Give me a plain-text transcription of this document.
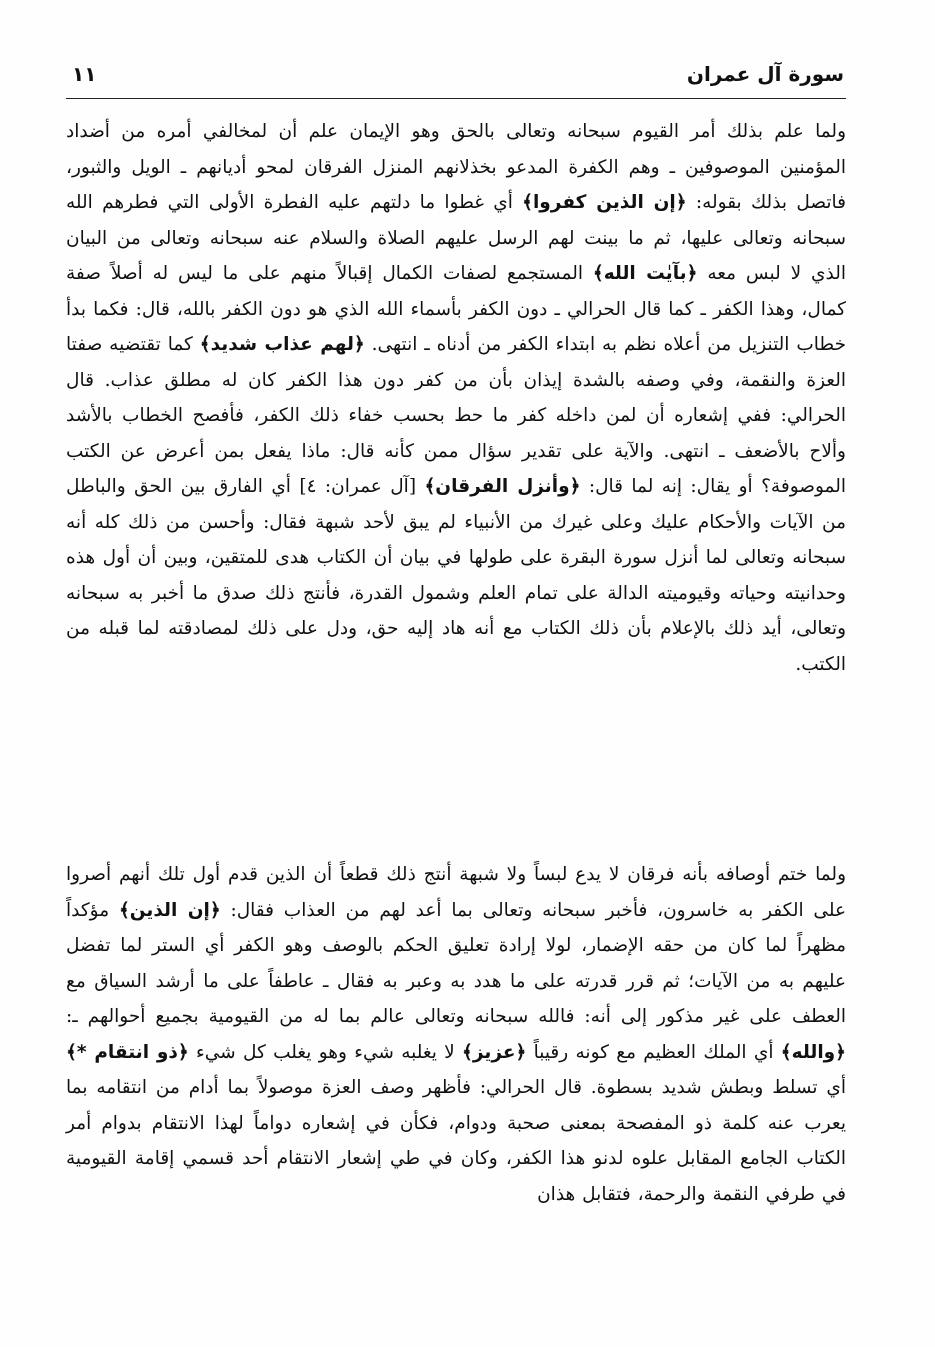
سورة آل عمران
١١

ولما علم بذلك أمر القيوم سبحانه وتعالى بالحق وهو الإيمان علم أن لمخالفي أمره من أضداد المؤمنين الموصوفين ـ وهم الكفرة المدعو بخذلانهم المنزل الفرقان لمحو أديانهم ـ الويل والثبور، فاتصل بذلك بقوله: ﴿إن الذين كفروا﴾ أي غطوا ما دلتهم عليه الفطرة الأولى التي فطرهم الله سبحانه وتعالى عليها، ثم ما بينت لهم الرسل عليهم الصلاة والسلام عنه سبحانه وتعالى من البيان الذي لا لبس معه ﴿بآيٰت الله﴾ المستجمع لصفات الكمال إقبالاً منهم على ما ليس له أصلاً صفة كمال، وهذا الكفر ـ كما قال الحرالي ـ دون الكفر بأسماء الله الذي هو دون الكفر بالله، قال: فكما بدأ خطاب التنزيل من أعلاه نظم به ابتداء الكفر من أدناه ـ انتهى. ﴿لهم عذاب شديد﴾ كما تقتضيه صفتا العزة والنقمة، وفي وصفه بالشدة إيذان بأن من كفر دون هذا الكفر كان له مطلق عذاب. قال الحرالي: ففي إشعاره أن لمن داخله كفر ما حط بحسب خفاء ذلك الكفر، فأفصح الخطاب بالأشد وألاح بالأضعف ـ انتهى. والآية على تقدير سؤال ممن كأنه قال: ماذا يفعل بمن أعرض عن الكتب الموصوفة؟ أو يقال: إنه لما قال: ﴿وأنزل الفرقان﴾ [آل عمران: ٤] أي الفارق بين الحق والباطل من الآيات والأحكام عليك وعلى غيرك من الأنبياء لم يبق لأحد شبهة فقال: وأحسن من ذلك كله أنه سبحانه وتعالى لما أنزل سورة البقرة على طولها في بيان أن الكتاب هدى للمتقين، وبين أن أول هذه وحدانيته وحياته وقيوميته الدالة على تمام العلم وشمول القدرة، فأنتج ذلك صدق ما أخبر به سبحانه وتعالى، أيد ذلك بالإعلام بأن ذلك الكتاب مع أنه هاد إليه حق، ودل على ذلك لمصادقته لما قبله من الكتب.

ولما ختم أوصافه بأنه فرقان لا يدع لبساً ولا شبهة أنتج ذلك قطعاً أن الذين قدم أول تلك أنهم أصروا على الكفر به خاسرون، فأخبر سبحانه وتعالى بما أعد لهم من العذاب فقال: ﴿إن الذين﴾ مؤكداً مظهراً لما كان من حقه الإضمار، لولا إرادة تعليق الحكم بالوصف وهو الكفر أي الستر لما تفضل عليهم به من الآيات؛ ثم قرر قدرته على ما هدد به وعبر به فقال ـ عاطفاً على ما أرشد السياق مع العطف على غير مذكور إلى أنه: فالله سبحانه وتعالى عالم بما له من القيومية بجميع أحوالهم ـ: ﴿والله﴾ أي الملك العظيم مع كونه رقيباً ﴿عزيز﴾ لا يغلبه شيء وهو يغلب كل شيء ﴿ذو انتقام *﴾ أي تسلط وبطش شديد بسطوة. قال الحرالي: فأظهر وصف العزة موصولاً بما أدام من انتقامه بما يعرب عنه كلمة ذو المفصحة بمعنى صحبة ودوام، فكأن في إشعاره دواماً لهذا الانتقام بدوام أمر الكتاب الجامع المقابل علوه لدنو هذا الكفر، وكان في طي إشعار الانتقام أحد قسمي إقامة القيومية في طرفي النقمة والرحمة، فتقابل هذان
